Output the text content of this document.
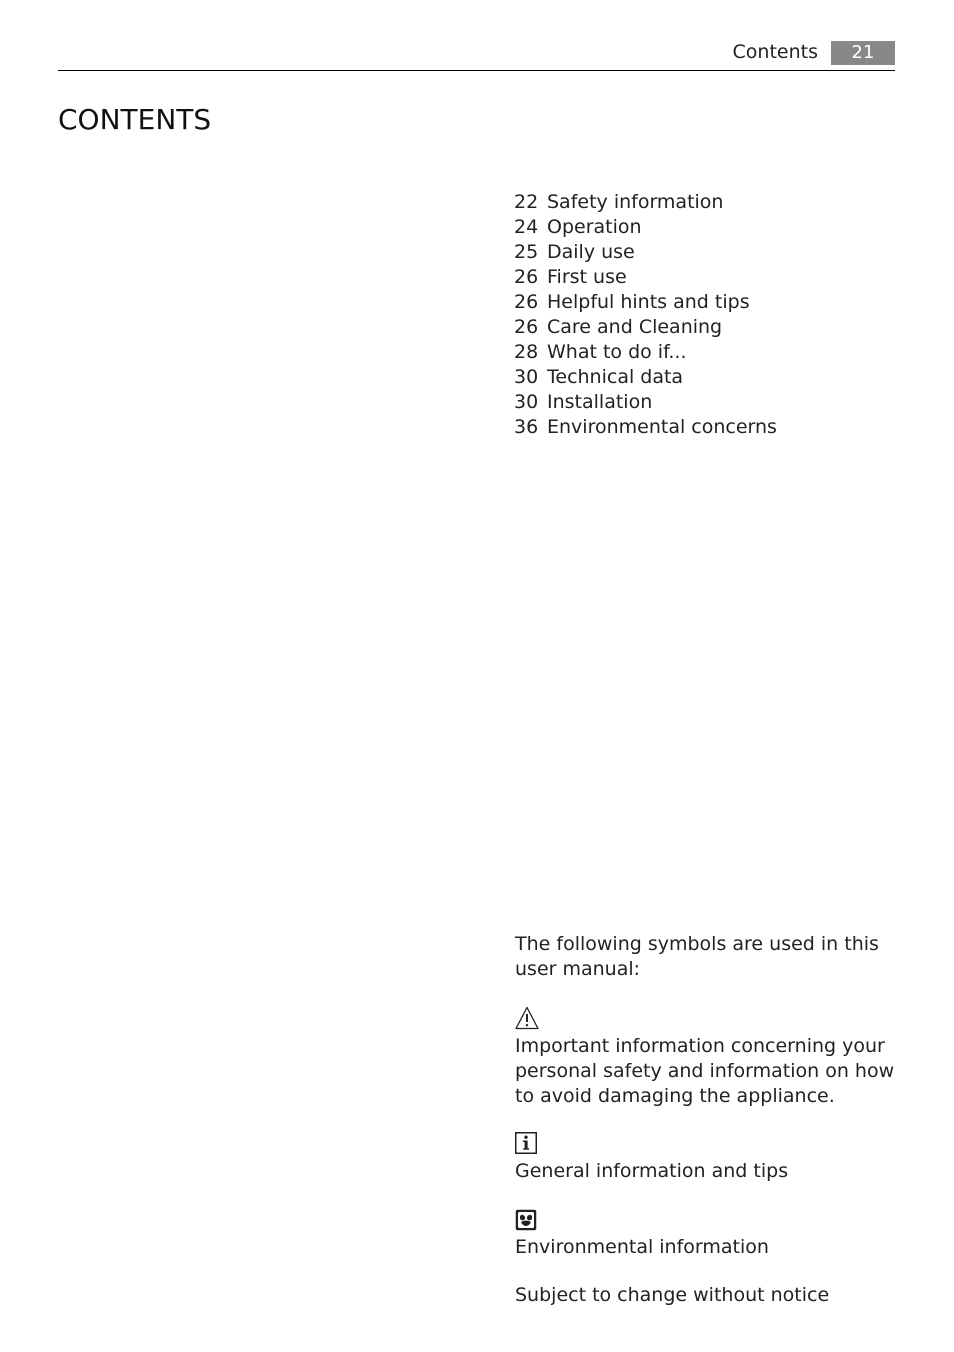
Contents	21
CONTENTS
22 Safety information
24 Operation
25 Daily use
26 First use
26 Helpful hints and tips
26 Care and Cleaning
28 What to do if...
30 Technical data
30 Installation
36 Environmental concerns
The following symbols are used in this user manual:
Important information concerning your personal safety and information on how to avoid damaging the appliance.
General information and tips
Environmental information
Subject to change without notice
